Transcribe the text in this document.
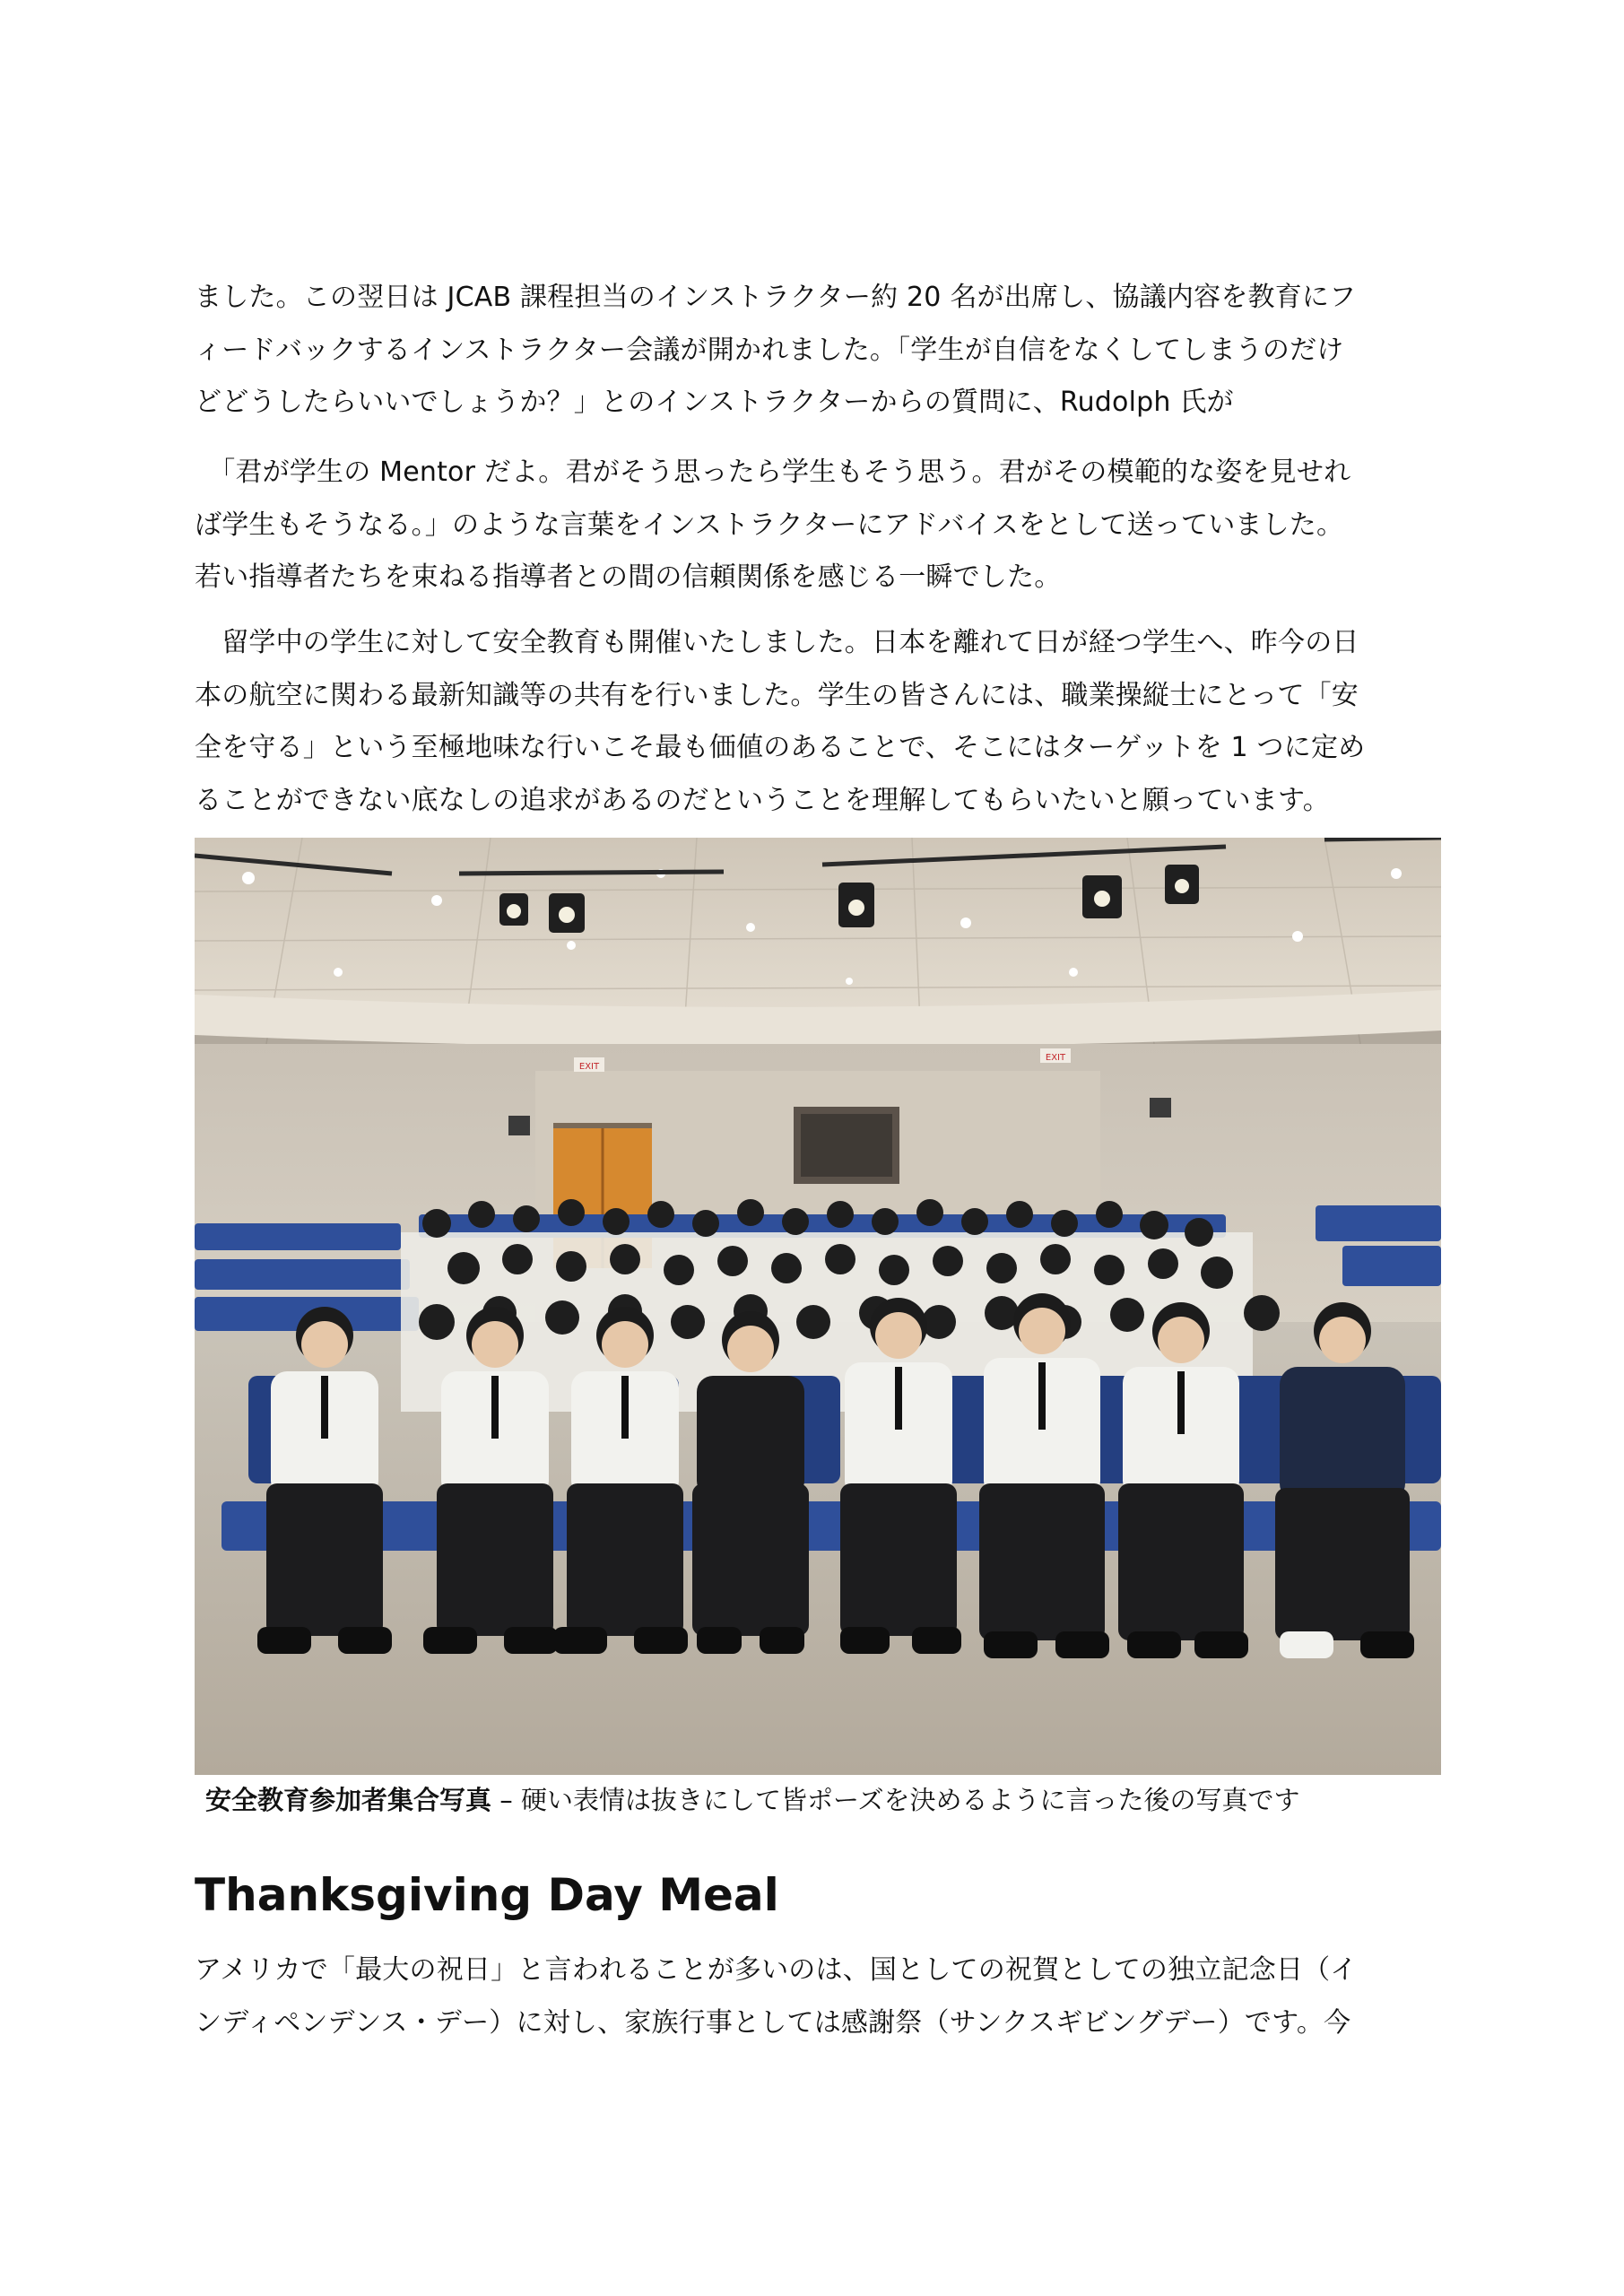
ました。この翌日は JCAB 課程担当のインストラクター約 20 名が出席し、協議内容を教育にフ
ィードバックするインストラクター会議が開かれました。「学生が自信をなくしてしまうのだけ
どどうしたらいいでしょうか？」とのインストラクターからの質問に、Rudolph 氏が

　「君が学生の Mentor だよ。君がそう思ったら学生もそう思う。君がその模範的な姿を見せれ
ば学生もそうなる。」のような言葉をインストラクターにアドバイスをとして送っていました。
若い指導者たちを束ねる指導者との間の信頼関係を感じる一瞬でした。

　留学中の学生に対して安全教育も開催いたしました。日本を離れて日が経つ学生へ、昨今の日
本の航空に関わる最新知識等の共有を行いました。学生の皆さんには、職業操縦士にとって「安
全を守る」という至極地味な行いこそ最も価値のあることで、そこにはターゲットを 1 つに定め
ることができない底なしの追求があるのだということを理解してもらいたいと願っています。

EXIT
EXIT
安全教育参加者集合写真 – 硬い表情は抜きにして皆ポーズを決めるように言った後の写真です
Thanksgiving Day Meal

アメリカで「最大の祝日」と言われることが多いのは、国としての祝賀としての独立記念日（イ
ンディペンデンス・デー）に対し、家族行事としては感謝祭（サンクスギビングデー）です。今
